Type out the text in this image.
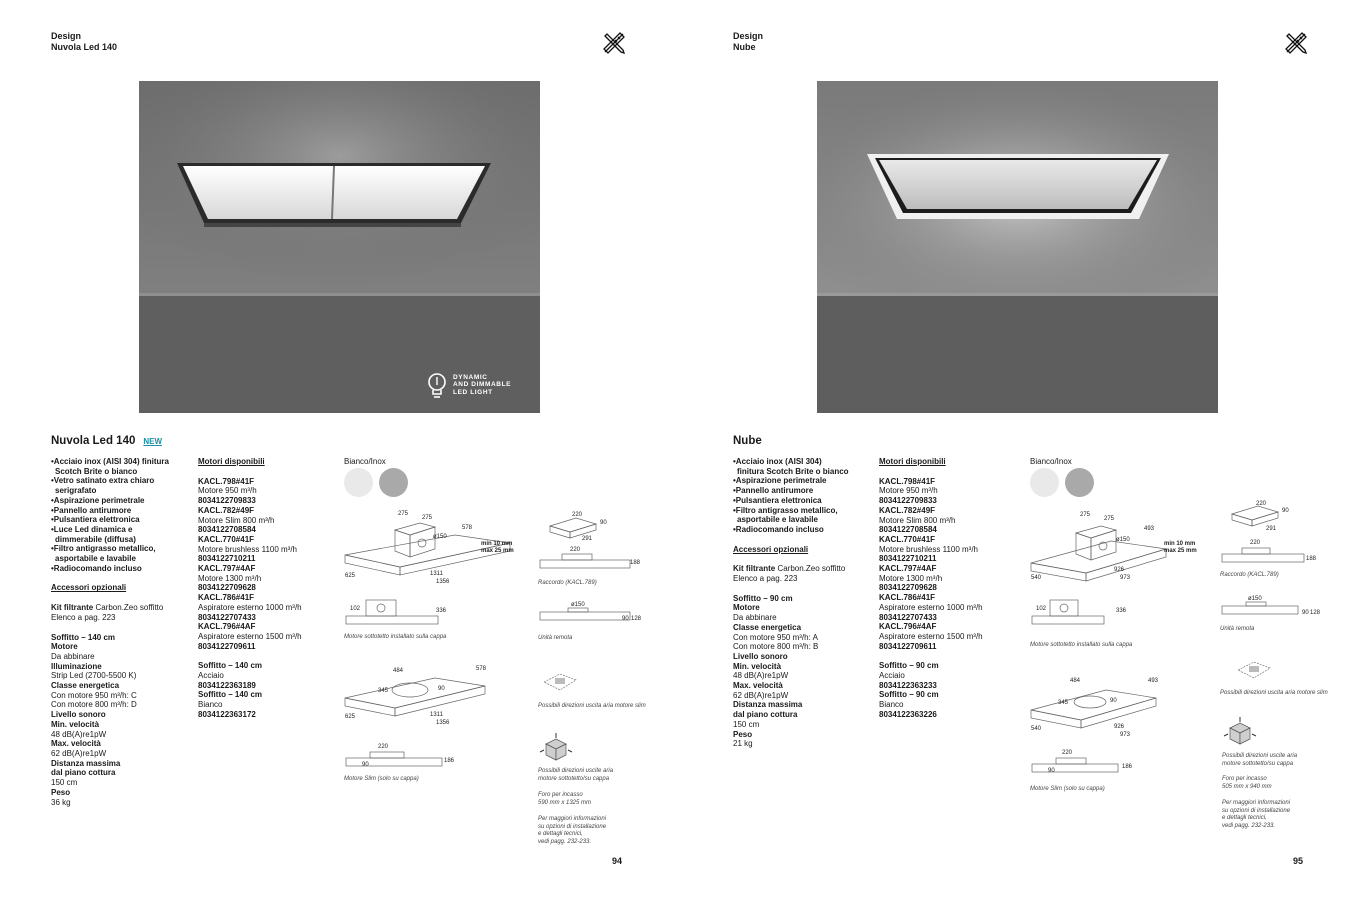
Design
Nuvola Led 140
DYNAMIC
AND DIMMABLE
LED LIGHT
Nuvola Led 140 NEW
•Acciaio inox (AISI 304) finitura
Scotch Brite o bianco
•Vetro satinato extra chiaro
serigrafato
•Aspirazione perimetrale
•Pannello antirumore
•Pulsantiera elettronica
•Luce Led dinamica e
dimmerabile (diffusa)
•Filtro antigrasso metallico,
asportabile e lavabile
•Radiocomando incluso
Accessori opzionali
Kit filtrante Carbon.Zeo soffitto
Elenco a pag. 223
Soffitto – 140 cm
Motore
Da abbinare
Illuminazione
Strip Led (2700-5500 K)
Classe energetica
Con motore 950 m³/h: C
Con motore 800 m³/h: D
Livello sonoro
Min. velocità
48 dB(A)re1pW
Max. velocità
62 dB(A)re1pW
Distanza massima
dal piano cottura
150 cm
Peso
36 kg
Motori disponibili
KACL.798#41F
Motore 950 m³/h
8034122709833
KACL.782#49F
Motore Slim 800 m³/h
8034122708584
KACL.770#41F
Motore brushless 1100 m³/h
8034122710211
KACL.797#4AF
Motore 1300 m³/h
8034122709628
KACL.786#41F
Aspiratore esterno 1000 m³/h
8034122707433
KACL.796#4AF
Aspiratore esterno 1500 m³/h
8034122709611
Soffitto – 140 cm
Acciaio
8034122363189
Soffitto – 140 cm
Bianco
8034122363172
Bianco/Inox
275
275
578
ø150
min 10 mm
max 25 mm
625	1311
1356
102	336
Motore sottotetto installato sulla cappa
484	578
345	90
625	1311
1356
220
90
186
Motore Slim (solo su cappa)
220
291
90
220
188
Raccordo (KACL.789)
ø150
90 128
Unità remota
Possibili direzioni uscita aria motore slim
Possibili direzioni uscite aria
motore sottotetto/su cappa
Foro per incasso
590 mm x 1325 mm
Per maggiori informazioni
su opzioni di installazione
e dettagli tecnici,
vedi pagg. 232-233.
94
Design
Nube
Nube
•Acciaio inox (AISI 304)
finitura Scotch Brite o bianco
•Aspirazione perimetrale
•Pannello antirumore
•Pulsantiera elettronica
•Filtro antigrasso metallico,
asportabile e lavabile
•Radiocomando incluso
Accessori opzionali
Kit filtrante Carbon.Zeo soffitto
Elenco a pag. 223
Soffitto – 90 cm
Motore
Da abbinare
Classe energetica
Con motore 950 m³/h: A
Con motore 800 m³/h: B
Livello sonoro
Min. velocità
48 dB(A)re1pW
Max. velocità
62 dB(A)re1pW
Distanza massima
dal piano cottura
150 cm
Peso
21 kg
Motori disponibili
KACL.798#41F
Motore 950 m³/h
8034122709833
KACL.782#49F
Motore Slim 800 m³/h
8034122708584
KACL.770#41F
Motore brushless 1100 m³/h
8034122710211
KACL.797#4AF
Motore 1300 m³/h
8034122709628
KACL.786#41F
Aspiratore esterno 1000 m³/h
8034122707433
KACL.796#4AF
Aspiratore esterno 1500 m³/h
8034122709611
Soffitto – 90 cm
Acciaio
8034122363233
Soffitto – 90 cm
Bianco
8034122363226
Bianco/Inox
275
275
493
ø150
min 10 mm
max 25 mm
540
926
973
102	336
Motore sottotetto installato sulla cappa
484	493
345	90
540	926
973
220
90
186
Motore Slim (solo su cappa)
220
291
90
220
188
Raccordo (KACL.789)
ø150
90 128
Unità remota
Possibili direzioni uscita aria motore slim
Possibili direzioni uscite aria
motore sottotetto/su cappa
Foro per incasso
505 mm x 940 mm
Per maggiori informazioni
su opzioni di installazione
e dettagli tecnici,
vedi pagg. 232-233.
95
